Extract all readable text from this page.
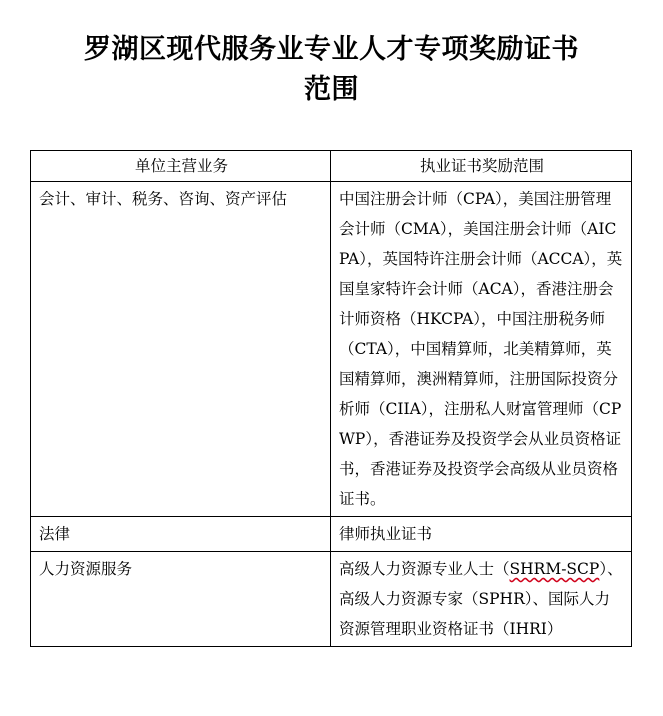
罗湖区现代服务业专业人才专项奖励证书
范围
单位主营业务	执业证书奖励范围

会计、审计、税务、咨询、资产评估	中国注册会计师（CPA），美国注册管理会计师（CMA），美国注册会计师（AICPA），英国特许注册会计师（ACCA），英国皇家特许会计师（ACA），香港注册会计师资格（HKCPA），中国注册税务师（CTA），中国精算师，北美精算师，英国精算师，澳洲精算师，注册国际投资分析师（CIIA），注册私人财富管理师（CPWP），香港证券及投资学会从业员资格证书，香港证券及投资学会高级从业员资格证书。

法律	律师执业证书

人力资源服务	高级人力资源专业人士（SHRM-SCP）、高级人力资源专家（SPHR）、国际人力资源管理职业资格证书（IHRI）
